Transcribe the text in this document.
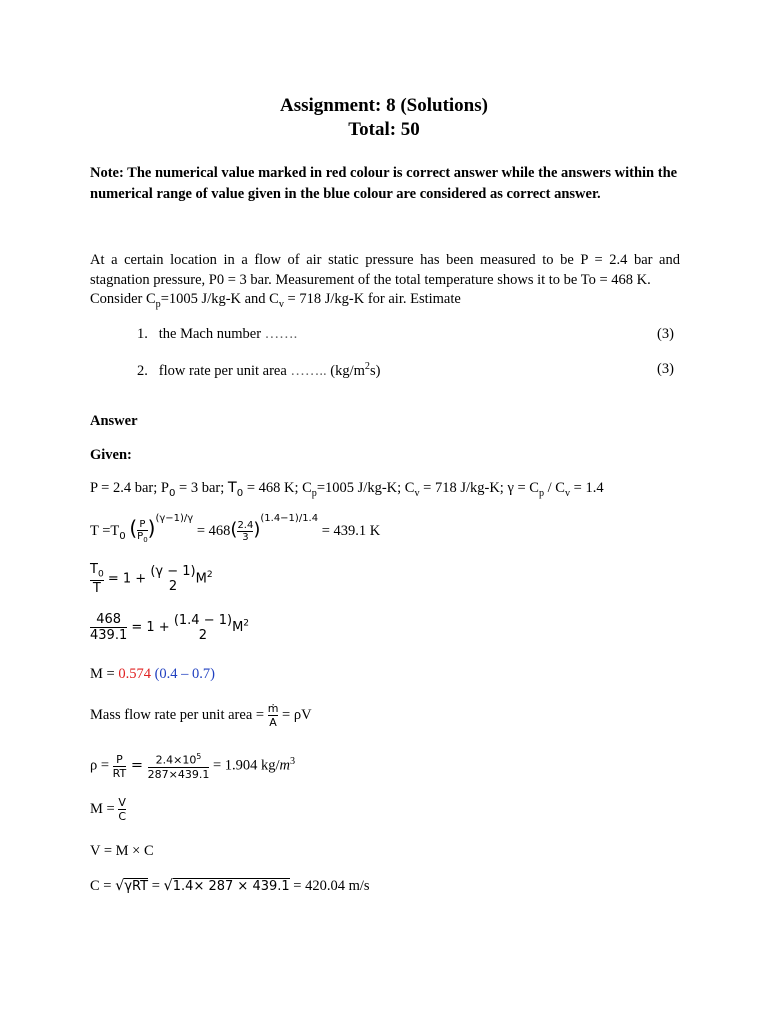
Assignment: 8 (Solutions)
Total: 50
Note: The numerical value marked in red colour is correct answer while the answers within the numerical range of value given in the blue colour are considered as correct answer.
At a certain location in a flow of air static pressure has been measured to be P = 2.4 bar and stagnation pressure, P0 = 3 bar. Measurement of the total temperature shows it to be To = 468 K.
Consider $C_p=1005$ J/kg-K and $C_v = 718$ J/kg-K for air. Estimate
1. the Mach number …….	(3)
2. flow rate per unit area …….. $(kg/m^2s)$	(3)
Answer
Given:
P = 2.4 bar; $P_0 = 3$ bar; $T_0 = 468$ K; $C_p=1005$ J/kg-K; $C_v = 718$ J/kg-K; $\gamma = C_p / C_v = 1.4$
$T =T_0$ ( $\frac{P}{P_0} )^{(\gamma-1)/\gamma} = 468( \frac{2.4}{3} )^{(1.4-1)/1.4} = 439.1$ K
$\frac{T_0}{T} = 1 + (\gamma - 1)$
2	$M^2$
$\frac{468}{439.1} = 1 + (1.4 - 1)$
2	$M^2$
M = 0.574 (0.4 – 0.7)
Mass flow rate per unit area = $\frac{\text{ṁ}}{A} = \rho V$
$\rho = \frac{P}{RT} = \frac{2.4\times 10^5}{287\times 439.1} = 1.904$ $kg/m^3$
$M = \frac{V}{C}$
V = M × C
C = √γRT = √1.4× 287 × 439.1 = 420.04 m/s
